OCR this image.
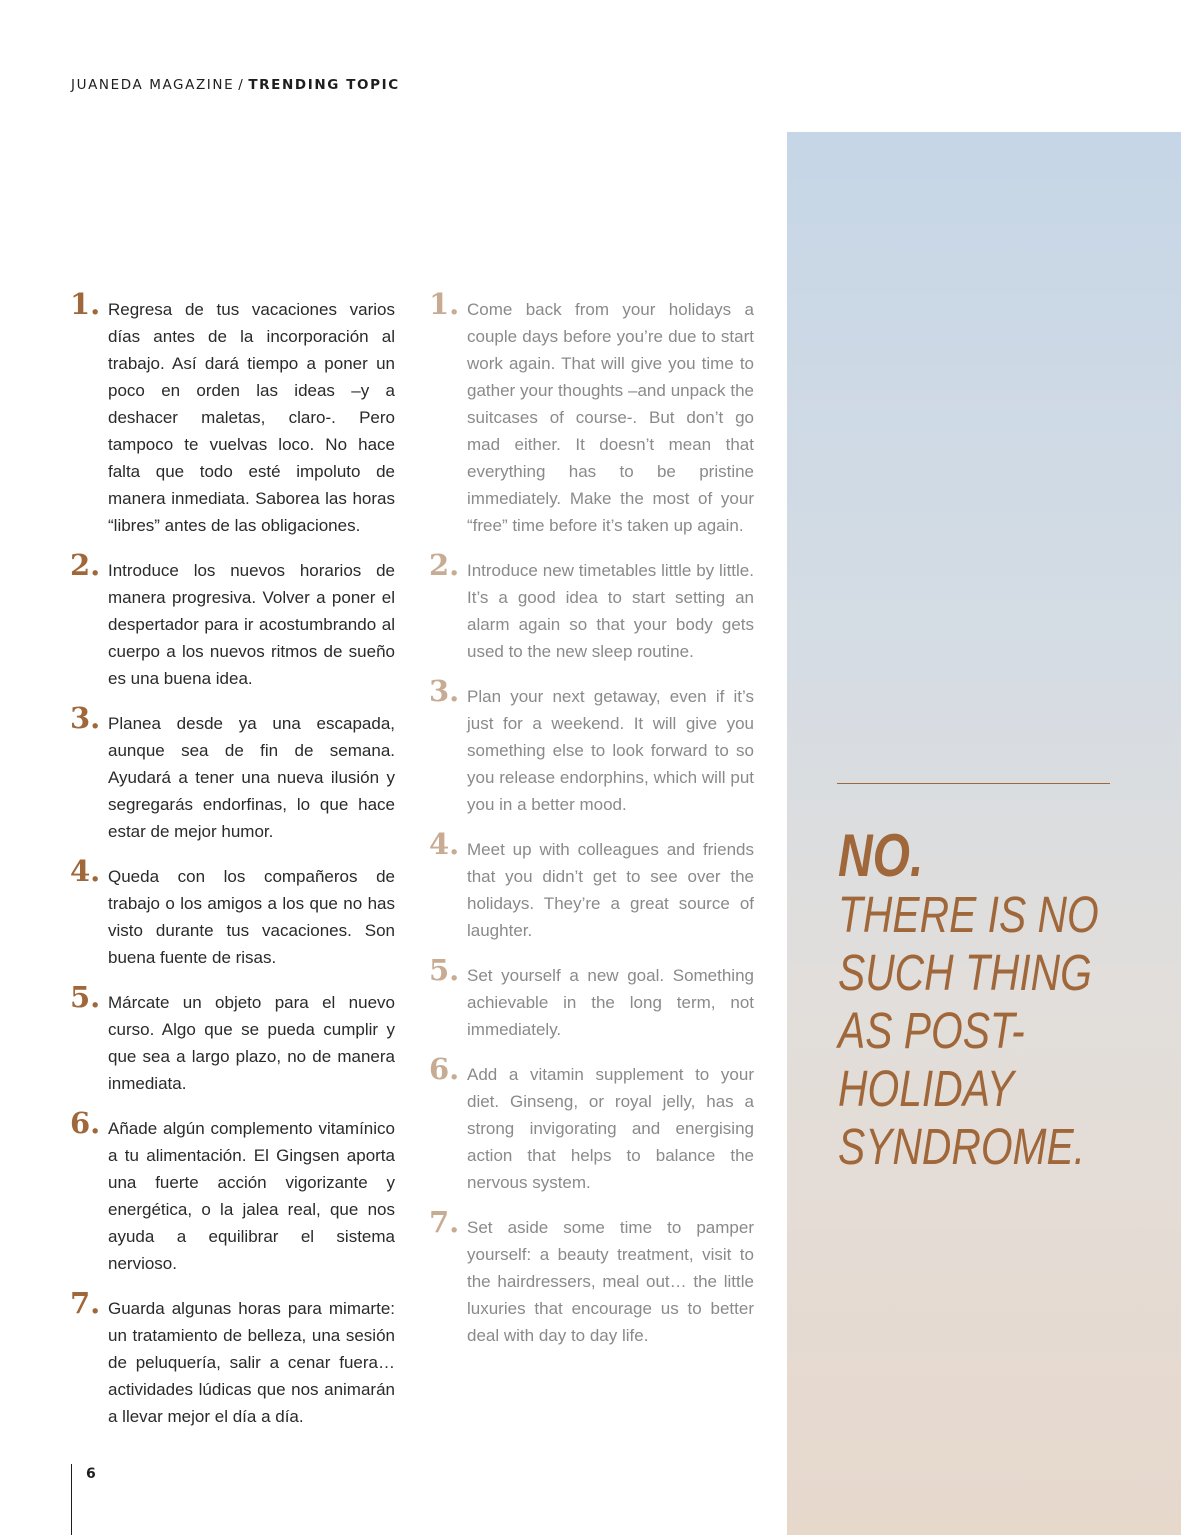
JUANEDA MAGAZINE / TRENDING TOPIC
1. Regresa de tus vacaciones varios días antes de la incorporación al trabajo. Así dará tiempo a poner un poco en orden las ideas –y a deshacer maletas, claro-. Pero tampoco te vuelvas loco. No hace falta que todo esté impoluto de manera inmediata. Saborea las horas “libres” antes de las obligaciones.
2. Introduce los nuevos horarios de manera progresiva. Volver a poner el despertador para ir acostumbrando al cuerpo a los nuevos ritmos de sueño es una buena idea.
3. Planea desde ya una escapada, aunque sea de fin de semana. Ayudará a tener una nueva ilusión y segregarás endorfinas, lo que hace estar de mejor humor.
4. Queda con los compañeros de trabajo o los amigos a los que no has visto durante tus vacaciones. Son buena fuente de risas.
5. Márcate un objeto para el nuevo curso. Algo que se pueda cumplir y que sea a largo plazo, no de manera inmediata.
6. Añade algún complemento vitamínico a tu alimentación. El Gingsen aporta una fuerte acción vigorizante y energética, o la jalea real, que nos ayuda a equilibrar el sistema nervioso.
7. Guarda algunas horas para mimarte: un tratamiento de belleza, una sesión de peluquería, salir a cenar fuera… actividades lúdicas que nos animarán a llevar mejor el día a día.
1. Come back from your holidays a couple days before you’re due to start work again. That will give you time to gather your thoughts –and unpack the suitcases of course-. But don’t go mad either. It doesn’t mean that everything has to be pristine immediately. Make the most of your “free” time before it’s taken up again.
2. Introduce new timetables little by little. It’s a good idea to start setting an alarm again so that your body gets used to the new sleep routine.
3. Plan your next getaway, even if it’s just for a weekend. It will give you something else to look forward to so you release endorphins, which will put you in a better mood.
4. Meet up with colleagues and friends that you didn’t get to see over the holidays. They’re a great source of laughter.
5. Set yourself a new goal. Something achievable in the long term, not immediately.
6. Add a vitamin supplement to your diet. Ginseng, or royal jelly, has a strong invigorating and energising action that helps to balance the nervous system.
7. Set aside some time to pamper yourself: a beauty treatment, visit to the hairdressers, meal out… the little luxuries that encourage us to better deal with day to day life.
NO.
THERE IS NO SUCH THING AS POST-HOLIDAY SYNDROME.
6
